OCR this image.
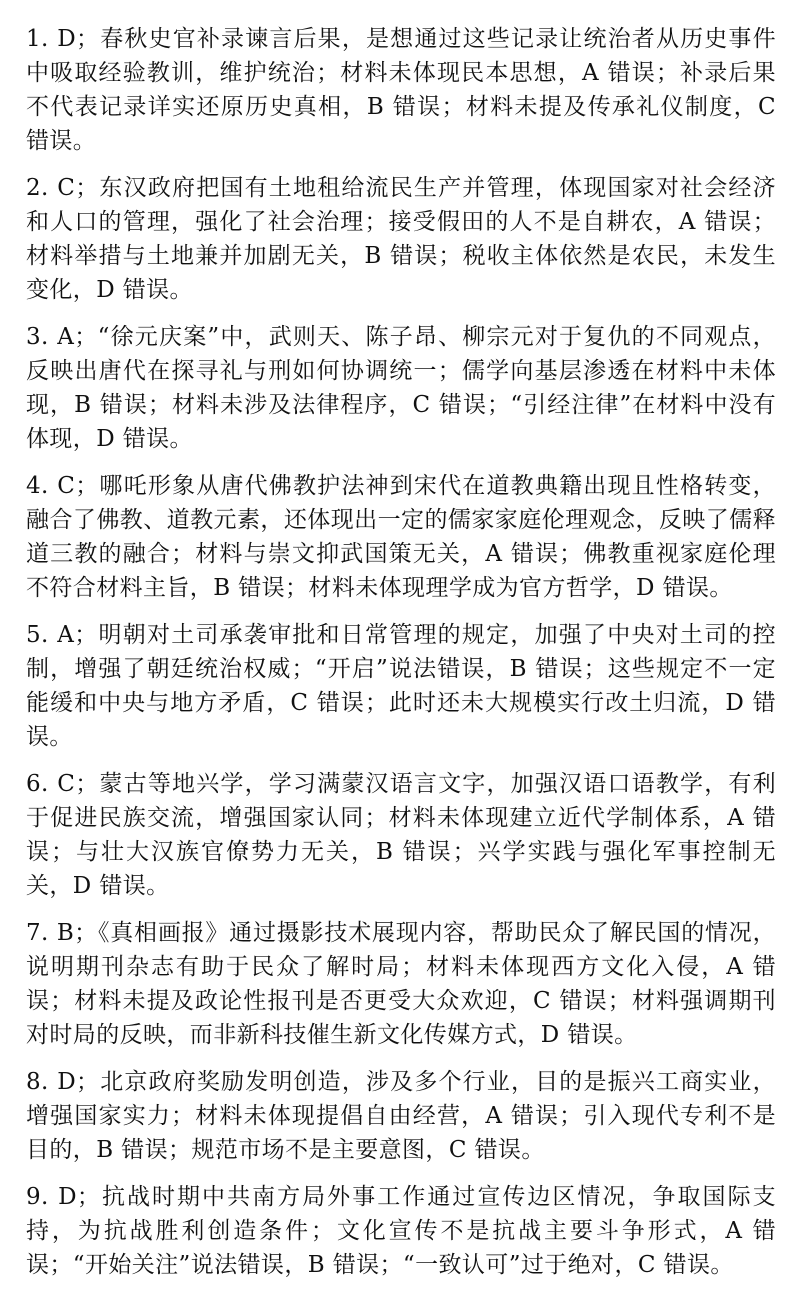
1. D；春秋史官补录谏言后果，是想通过这些记录让统治者从历史事件中吸取经验教训，维护统治；材料未体现民本思想，A 错误；补录后果不代表记录详实还原历史真相，B 错误；材料未提及传承礼仪制度，C 错误。

2. C；东汉政府把国有土地租给流民生产并管理，体现国家对社会经济和人口的管理，强化了社会治理；接受假田的人不是自耕农，A 错误；材料举措与土地兼并加剧无关，B 错误；税收主体依然是农民，未发生变化，D 错误。

3. A；“徐元庆案”中，武则天、陈子昂、柳宗元对于复仇的不同观点，反映出唐代在探寻礼与刑如何协调统一；儒学向基层渗透在材料中未体现，B 错误；材料未涉及法律程序，C 错误；“引经注律”在材料中没有体现，D 错误。

4. C；哪吒形象从唐代佛教护法神到宋代在道教典籍出现且性格转变，融合了佛教、道教元素，还体现出一定的儒家家庭伦理观念，反映了儒释道三教的融合；材料与崇文抑武国策无关，A 错误；佛教重视家庭伦理不符合材料主旨，B 错误；材料未体现理学成为官方哲学，D 错误。

5. A；明朝对土司承袭审批和日常管理的规定，加强了中央对土司的控制，增强了朝廷统治权威；“开启”说法错误，B 错误；这些规定不一定能缓和中央与地方矛盾，C 错误；此时还未大规模实行改土归流，D 错误。

6. C；蒙古等地兴学，学习满蒙汉语言文字，加强汉语口语教学，有利于促进民族交流，增强国家认同；材料未体现建立近代学制体系，A 错误；与壮大汉族官僚势力无关，B 错误；兴学实践与强化军事控制无关，D 错误。

7. B；《真相画报》通过摄影技术展现内容，帮助民众了解民国的情况，说明期刊杂志有助于民众了解时局；材料未体现西方文化入侵，A 错误；材料未提及政论性报刊是否更受大众欢迎，C 错误；材料强调期刊对时局的反映，而非新科技催生新文化传媒方式，D 错误。

8. D；北京政府奖励发明创造，涉及多个行业，目的是振兴工商实业，增强国家实力；材料未体现提倡自由经营，A 错误；引入现代专利不是目的，B 错误；规范市场不是主要意图，C 错误。

9. D；抗战时期中共南方局外事工作通过宣传边区情况，争取国际支持，为抗战胜利创造条件；文化宣传不是抗战主要斗争形式，A 错误；“开始关注”说法错误，B 错误；“一致认可”过于绝对，C 错误。
